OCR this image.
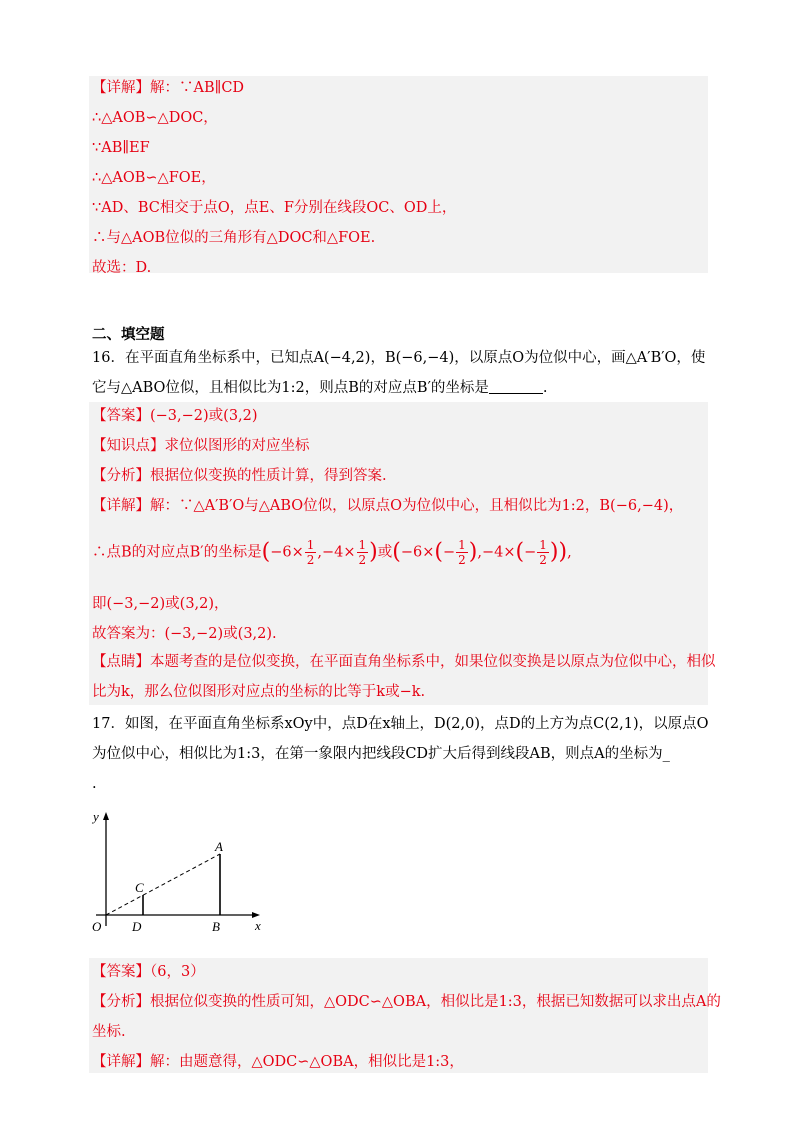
【详解】解：∵AB∥CD
∴△AOB∽△DOC，
∵AB∥EF
∴△AOB∽△FOE，
∵AD、BC相交于点O，点E、F分别在线段OC、OD上，
∴与△AOB位似的三角形有△DOC和△FOE.
故选：D.
二、填空题
16．在平面直角坐标系中，已知点A(−4,2)，B(−6,−4)，以原点O为位似中心，画△A′B′O，使
它与△ABO位似，且相似比为1:2，则点B的对应点B′的坐标是	.
【答案】(−3,−2)或(3,2)
【知识点】求位似图形的对应坐标
【分析】根据位似变换的性质计算，得到答案.
【详解】解：∵△A′B′O与△ABO位似，以原点O为位似中心，且相似比为1:2，B(−6,−4)，
∴点B的对应点B′的坐标是($-6\times \frac{1}{2} ,-4\times \frac{1}{2}$ )或($-6\times(- \frac{1}{2} ),-4\times(- \frac{1}{2}$ )),
即(−3,−2)或(3,2)，
故答案为：(−3,−2)或(3,2).
【点睛】本题考查的是位似变换，在平面直角坐标系中，如果位似变换是以原点为位似中心，相似
比为k，那么位似图形对应点的坐标的比等于k或−k.
17．如图，在平面直角坐标系xOy中，点D在x轴上，D(2,0)，点D的上方为点C(2,1)，以原点O
为位似中心，相似比为1:3，在第一象限内把线段CD扩大后得到线段AB，则点A的坐标为_
.
y
x
O D	B
C
A
【答案】（6，3）
【分析】根据位似变换的性质可知，△ODC∽△OBA，相似比是1:3，根据已知数据可以求出点A的
坐标.
【详解】解：由题意得，△ODC∽△OBA，相似比是1:3，
